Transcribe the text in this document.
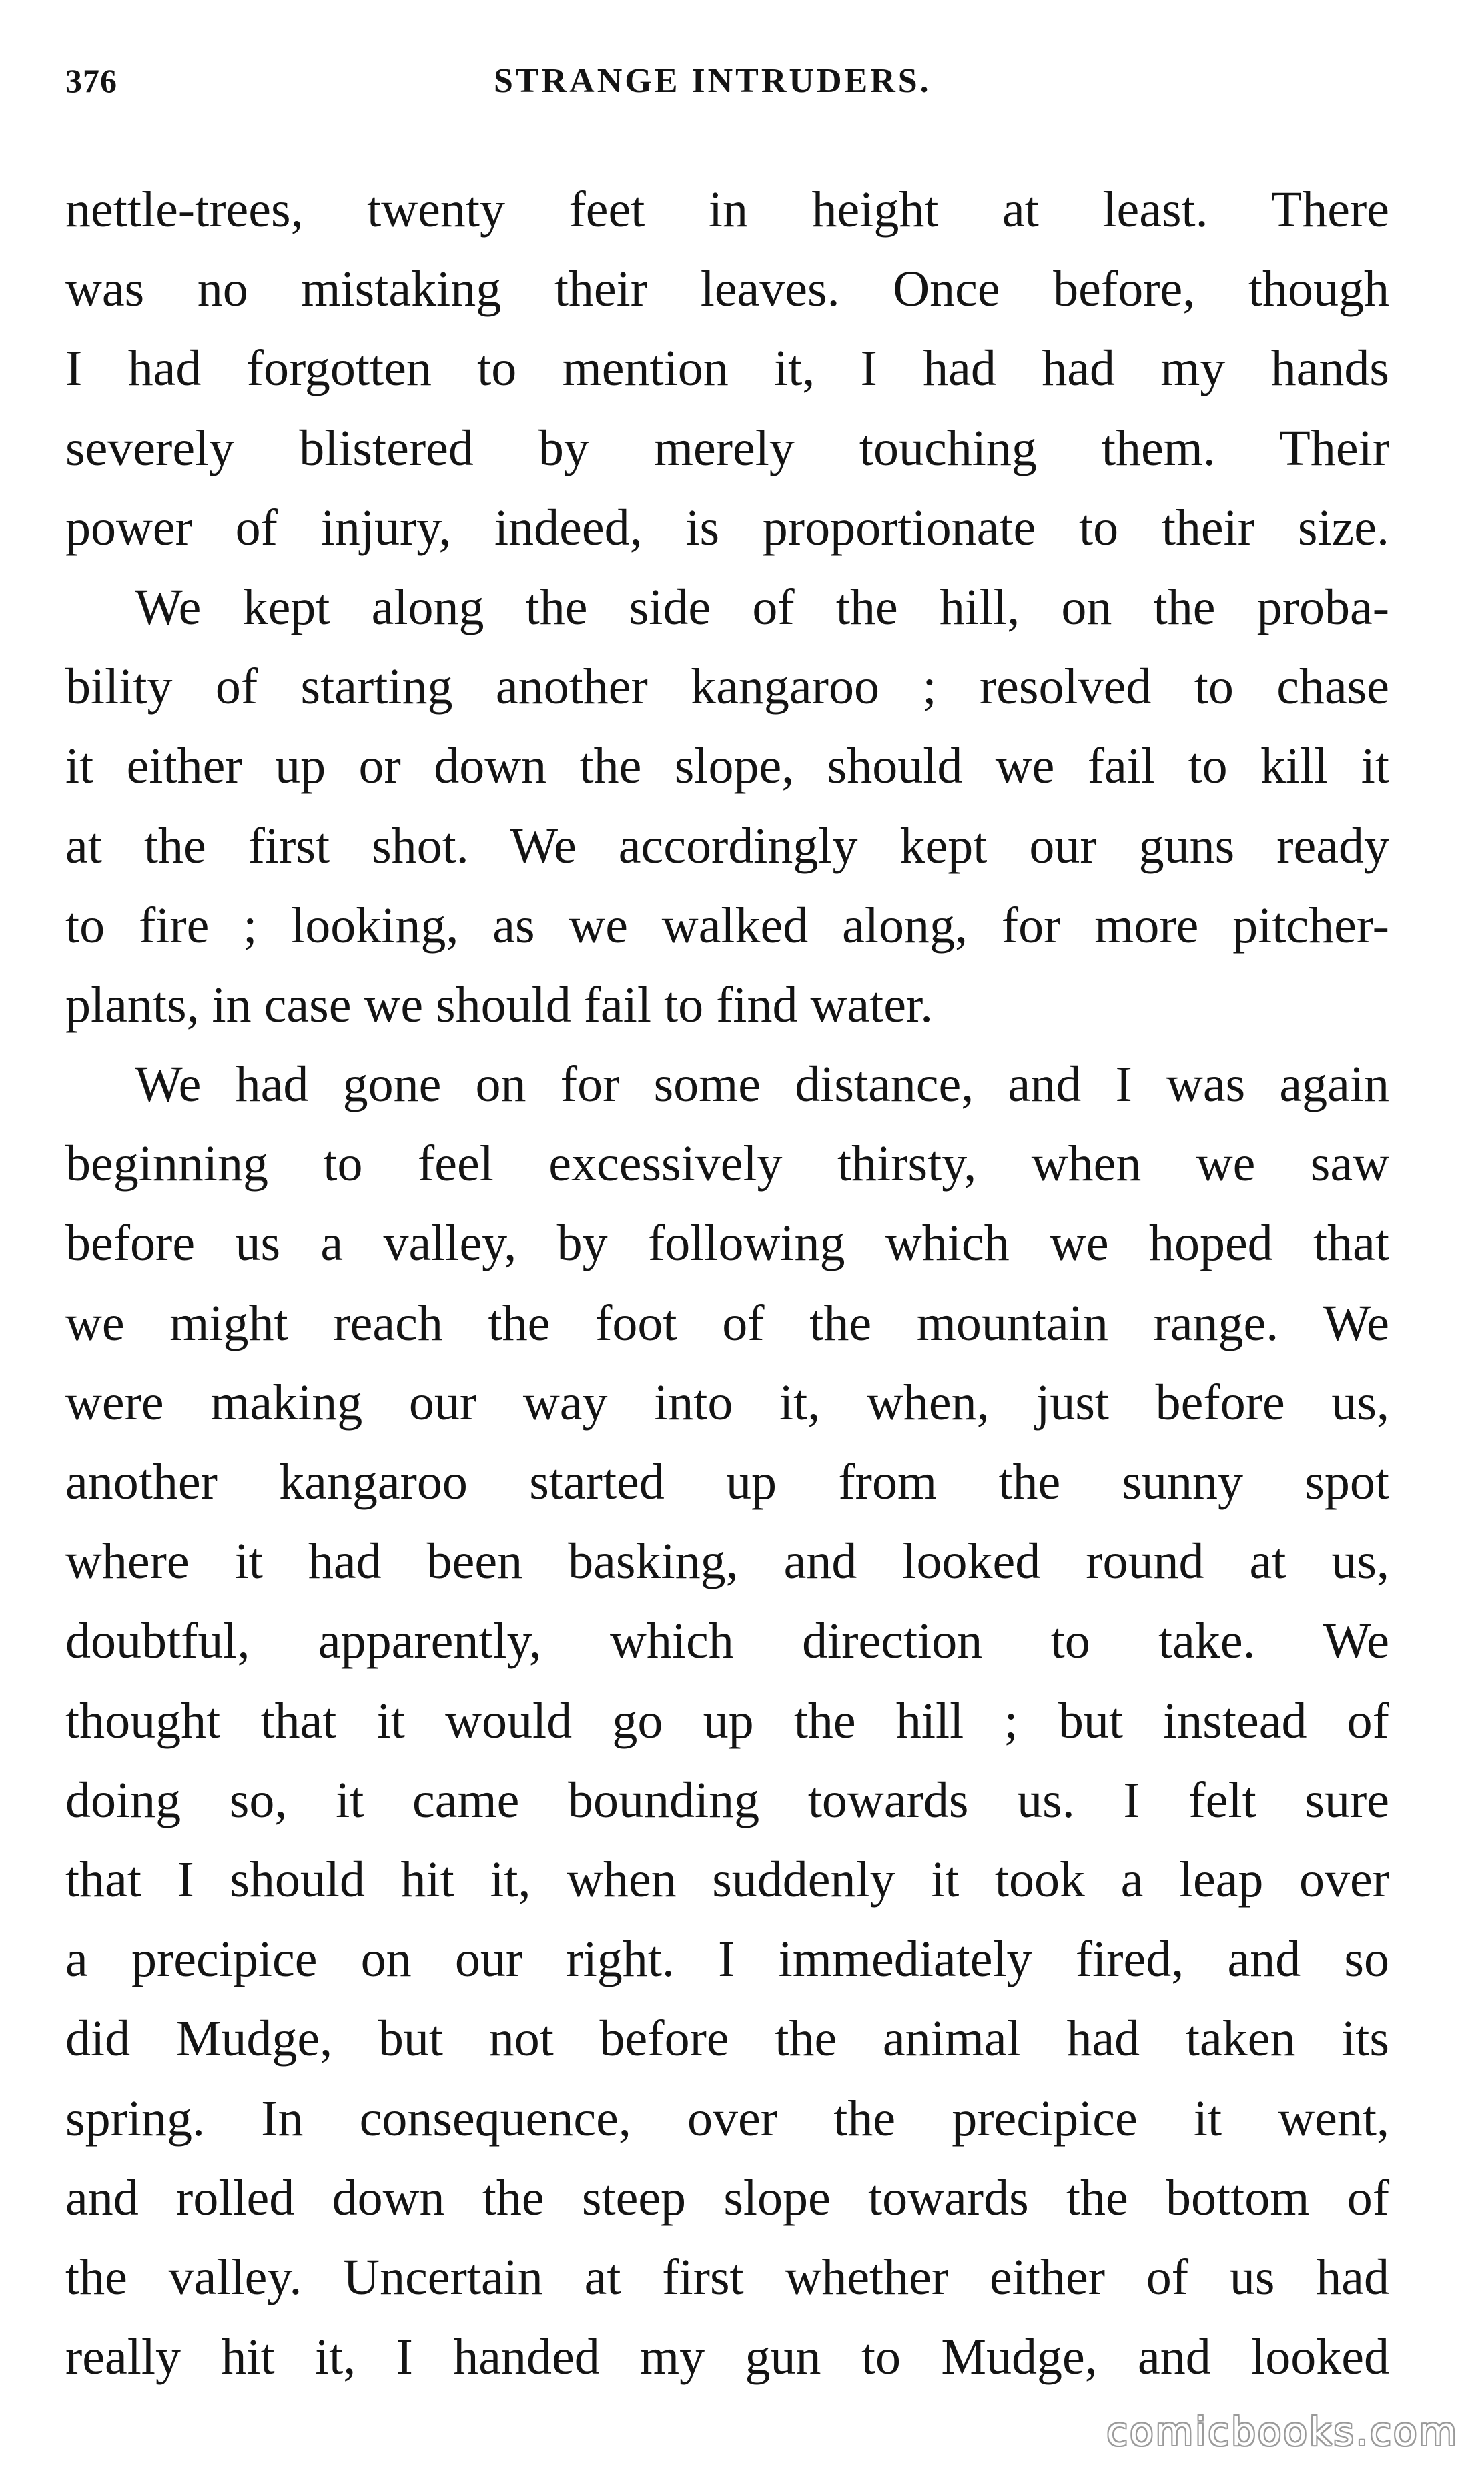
376	STRANGE INTRUDERS.
nettle-trees, twenty feet in height at least. There
was no mistaking their leaves. Once before, though
I had forgotten to mention it, I had had my hands
severely blistered by merely touching them. Their
power of injury, indeed, is proportionate to their size.
We kept along the side of the hill, on the proba-
bility of starting another kangaroo ; resolved to chase
it either up or down the slope, should we fail to kill it
at the first shot. We accordingly kept our guns ready
to fire ; looking, as we walked along, for more pitcher-
plants, in case we should fail to find water.
We had gone on for some distance, and I was again
beginning to feel excessively thirsty, when we saw
before us a valley, by following which we hoped that
we might reach the foot of the mountain range. We
were making our way into it, when, just before us,
another kangaroo started up from the sunny spot
where it had been basking, and looked round at us,
doubtful, apparently, which direction to take. We
thought that it would go up the hill ; but instead of
doing so, it came bounding towards us. I felt sure
that I should hit it, when suddenly it took a leap over
a precipice on our right. I immediately fired, and so
did Mudge, but not before the animal had taken its
spring. In consequence, over the precipice it went,
and rolled down the steep slope towards the bottom of
the valley. Uncertain at first whether either of us had
really hit it, I handed my gun to Mudge, and looked
comicbooks.com
